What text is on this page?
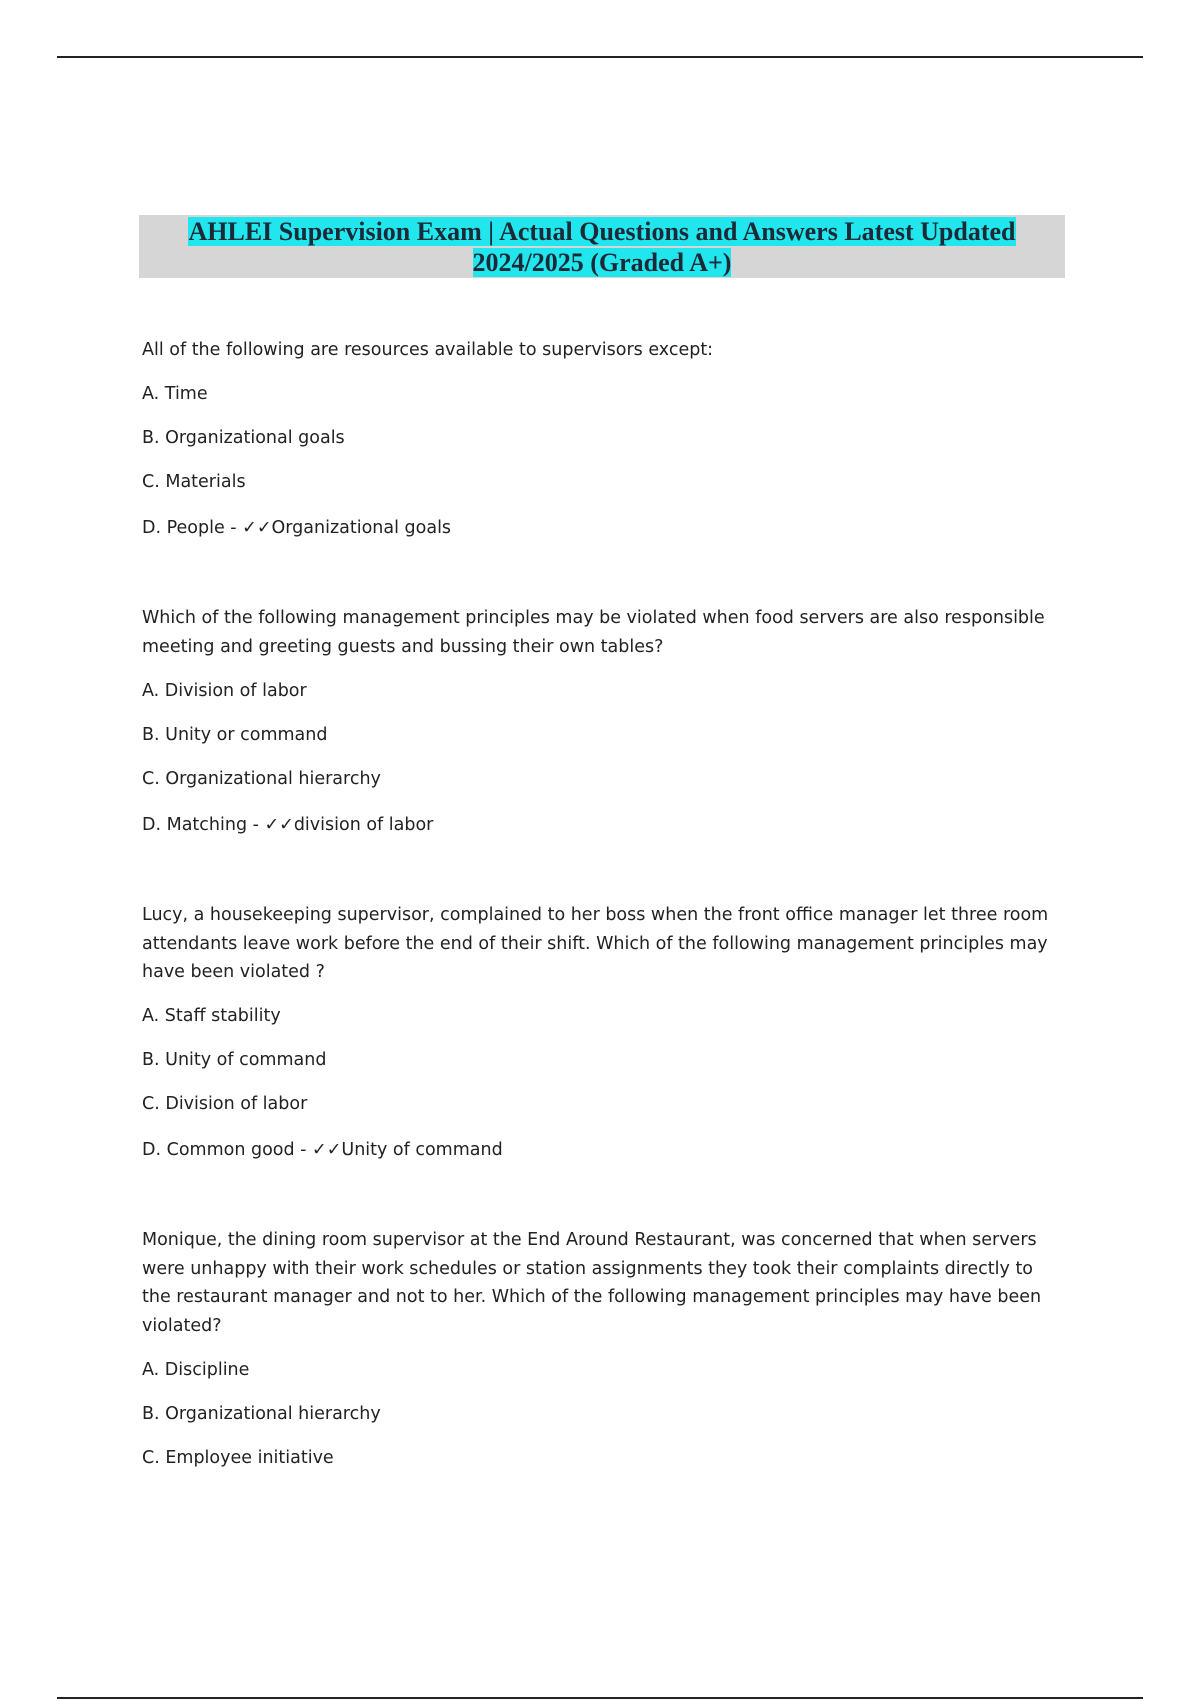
AHLEI Supervision Exam | Actual Questions and Answers Latest Updated
2024/2025 (Graded A+)
All of the following are resources available to supervisors except:
A. Time
B. Organizational goals
C. Materials
D. People - ✓✓Organizational goals
Which of the following management principles may be violated when food servers are also responsible meeting and greeting guests and bussing their own tables?
A. Division of labor
B. Unity or command
C. Organizational hierarchy
D. Matching - ✓✓division of labor
Lucy, a housekeeping supervisor, complained to her boss when the front office manager let three room attendants leave work before the end of their shift. Which of the following management principles may have been violated ?
A. Staff stability
B. Unity of command
C. Division of labor
D. Common good - ✓✓Unity of command
Monique, the dining room supervisor at the End Around Restaurant, was concerned that when servers were unhappy with their work schedules or station assignments they took their complaints directly to the restaurant manager and not to her. Which of the following management principles may have been violated?
A. Discipline
B. Organizational hierarchy
C. Employee initiative
